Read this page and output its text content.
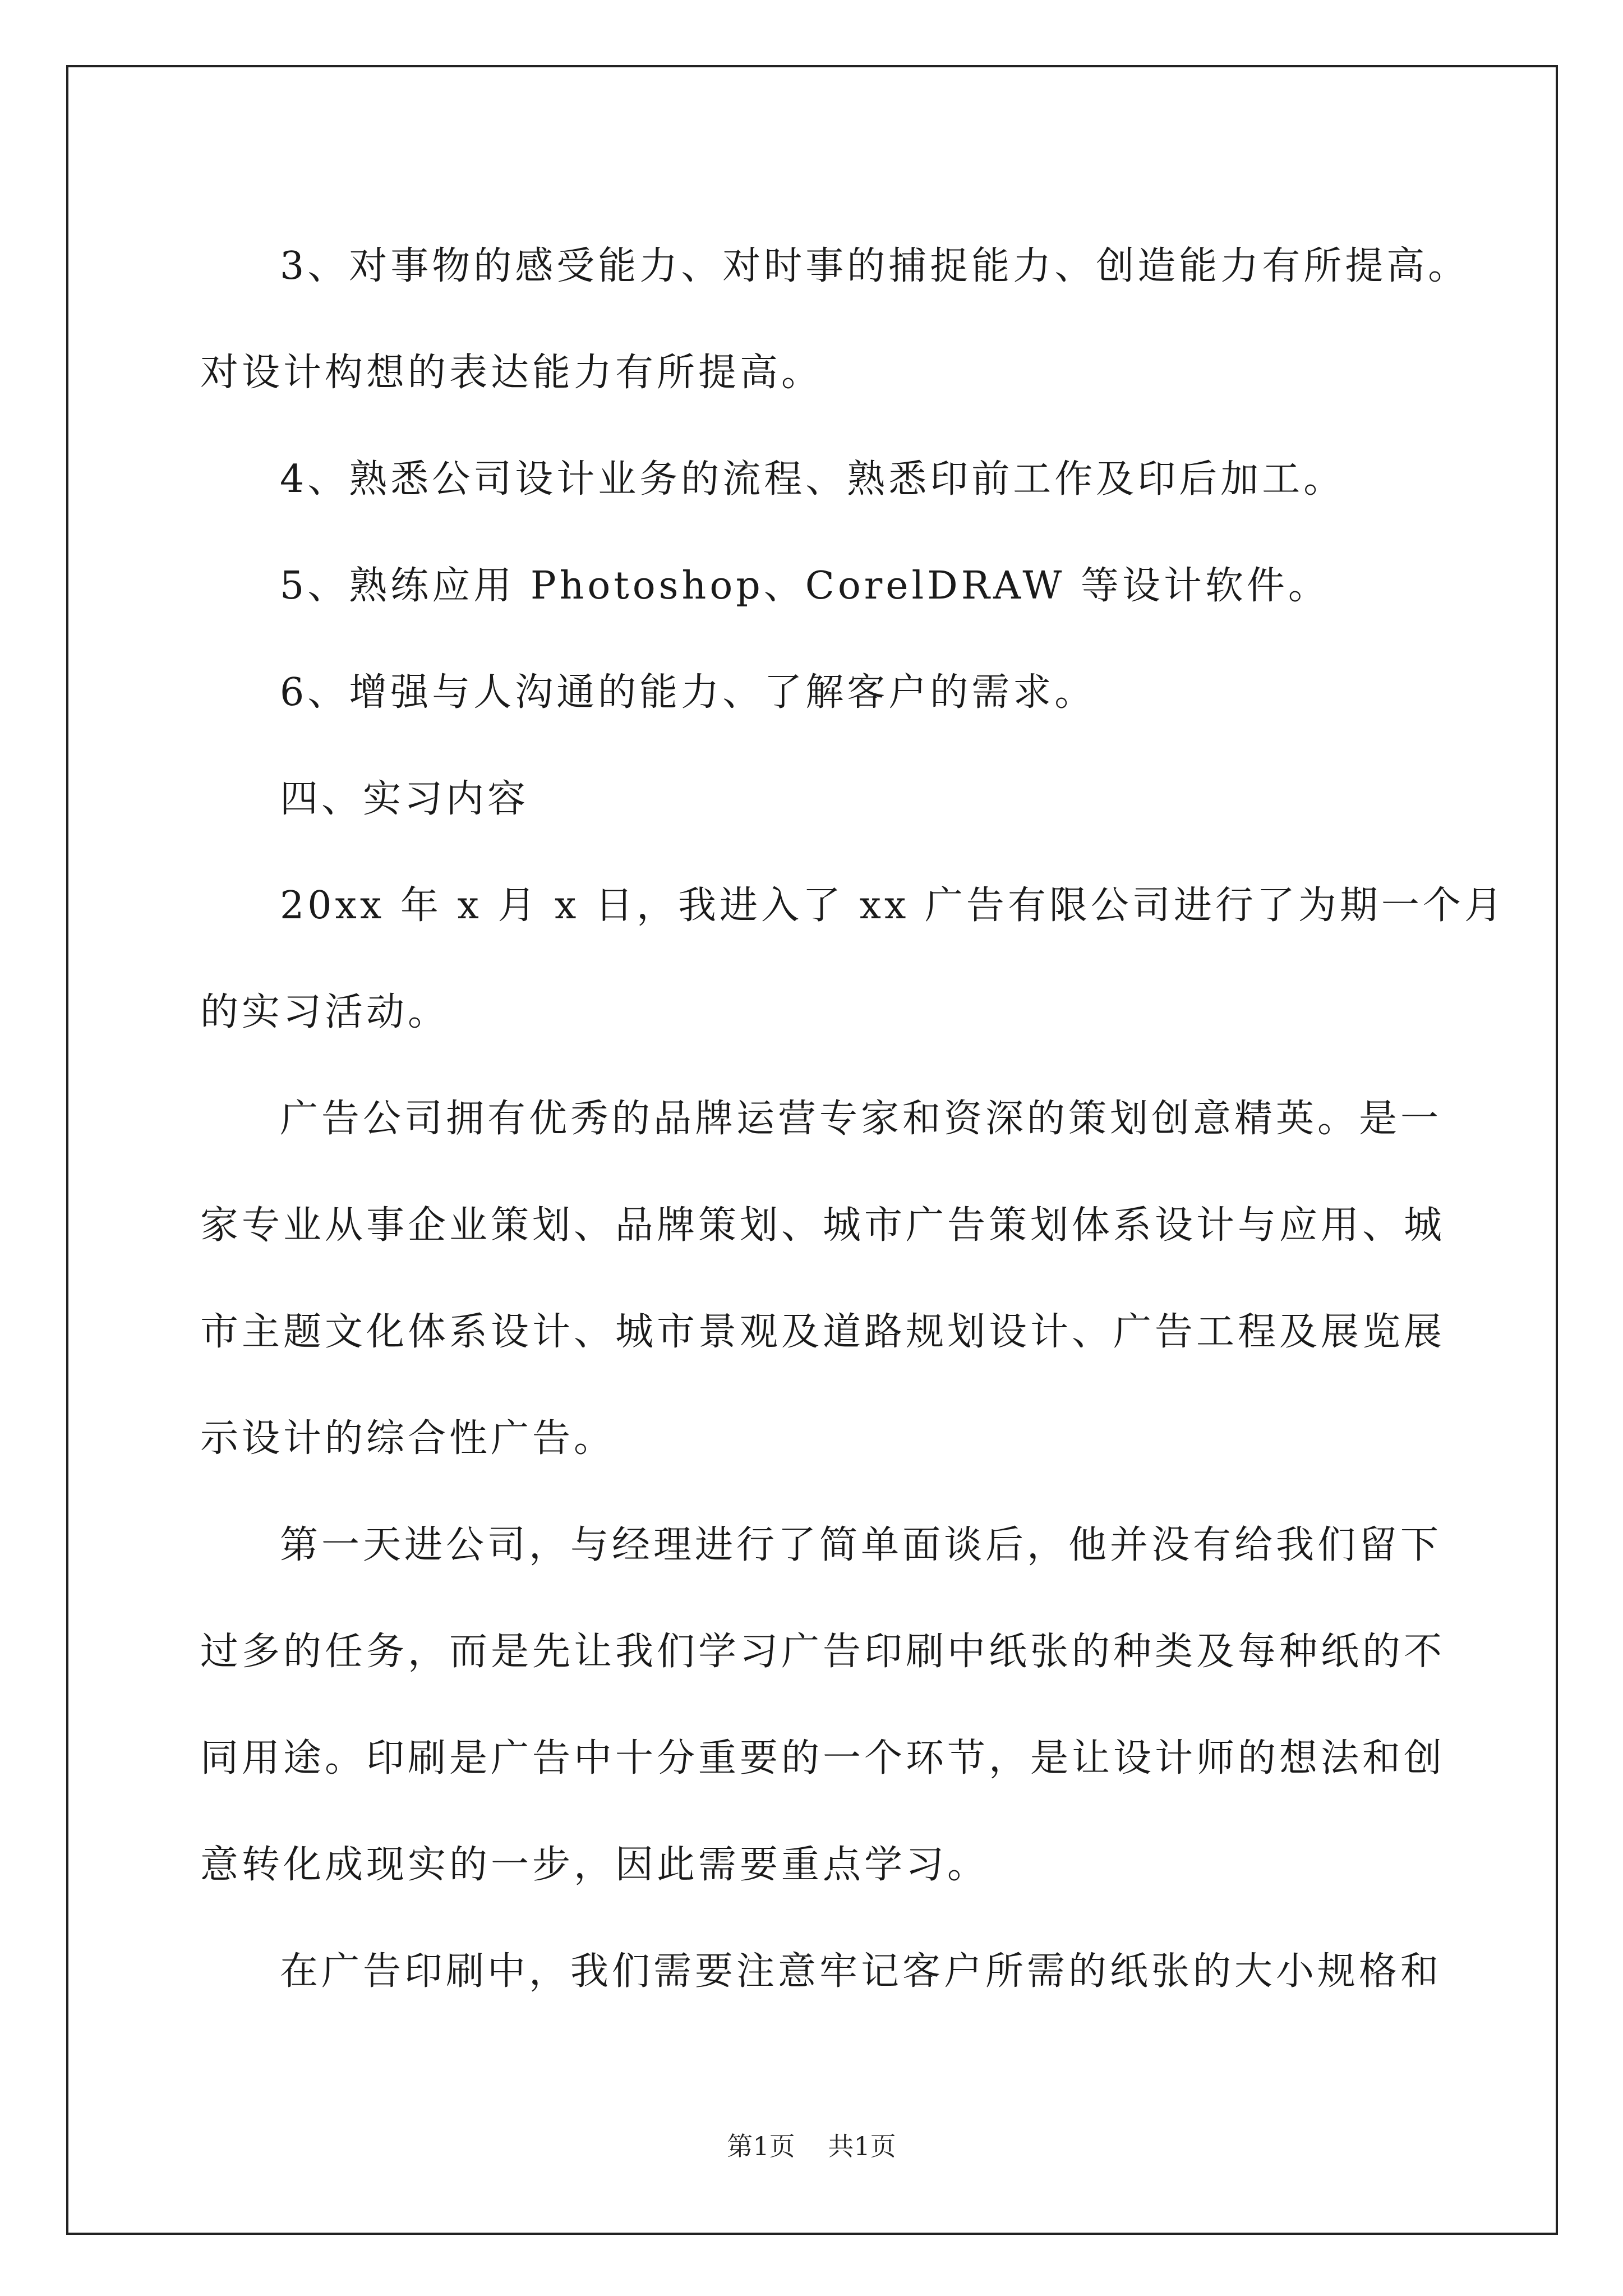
3、对事物的感受能力、对时事的捕捉能力、创造能力有所提高。
对设计构想的表达能力有所提高。
4、熟悉公司设计业务的流程、熟悉印前工作及印后加工。
5、熟练应用 Photoshop、CorelDRAW 等设计软件。
6、增强与人沟通的能力、了解客户的需求。
四、实习内容
20xx 年 x 月 x 日，我进入了 xx 广告有限公司进行了为期一个月
的实习活动。
广告公司拥有优秀的品牌运营专家和资深的策划创意精英。是一
家专业从事企业策划、品牌策划、城市广告策划体系设计与应用、城
市主题文化体系设计、城市景观及道路规划设计、广告工程及展览展
示设计的综合性广告。
第一天进公司，与经理进行了简单面谈后，他并没有给我们留下
过多的任务，而是先让我们学习广告印刷中纸张的种类及每种纸的不
同用途。印刷是广告中十分重要的一个环节，是让设计师的想法和创
意转化成现实的一步，因此需要重点学习。
在广告印刷中，我们需要注意牢记客户所需的纸张的大小规格和
第1页 共1页
